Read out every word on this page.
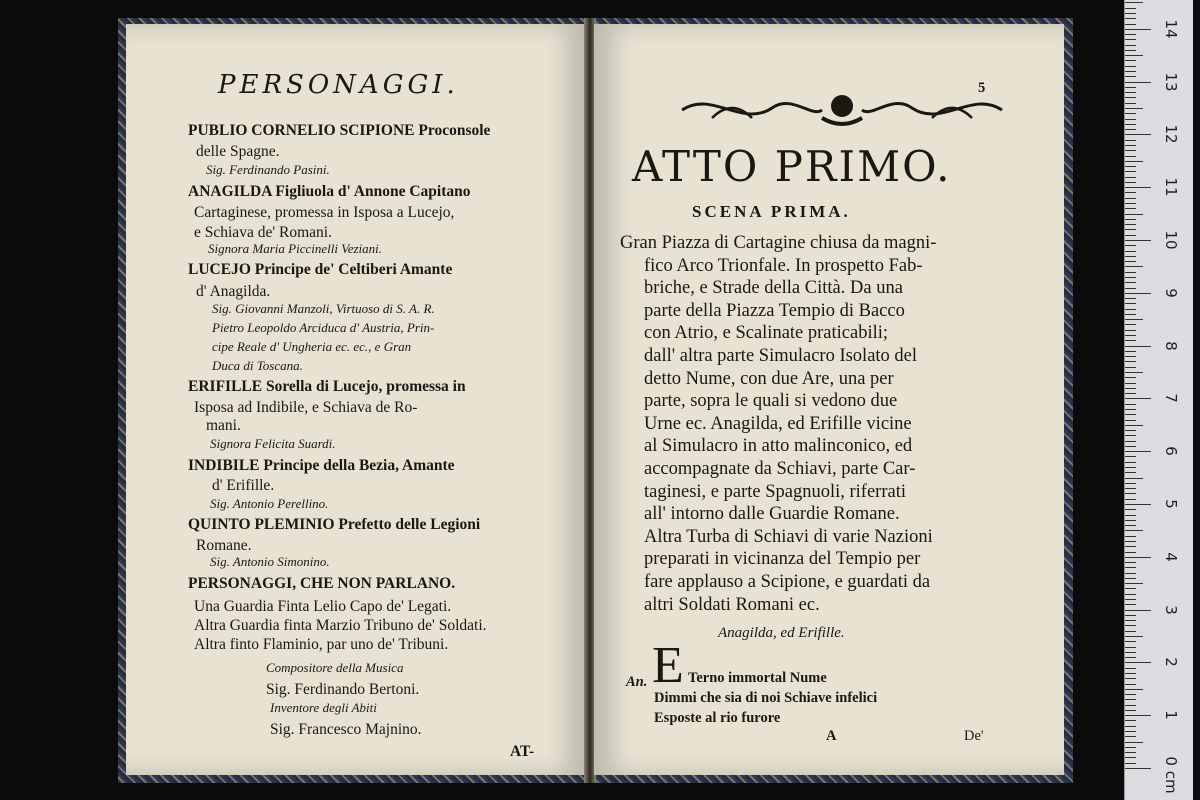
PERSONAGGI.
PUBLIO CORNELIO SCIPIONE Proconsole
delle Spagne.
Sig. Ferdinando Pasini.
ANAGILDA Figliuola d' Annone Capitano
Cartaginese, promessa in Isposa a Lucejo,
e Schiava de' Romani.
Signora Maria Piccinelli Veziani.
LUCEJO Principe de' Celtiberi Amante
d' Anagilda.
Sig. Giovanni Manzoli, Virtuoso di S. A. R.
Pietro Leopoldo Arciduca d' Austria, Prin-
cipe Reale d' Ungheria ec. ec., e Gran
Duca di Toscana.
ERIFILLE Sorella di Lucejo, promessa in
Isposa ad Indibile, e Schiava de Ro-
mani.
Signora Felicita Suardi.
INDIBILE Principe della Bezia, Amante
d' Erifille.
Sig. Antonio Perellino.
QUINTO PLEMINIO Prefetto delle Legioni
Romane.
Sig. Antonio Simonino.
PERSONAGGI, CHE NON PARLANO.
Una Guardia Finta Lelio Capo de' Legati.
Altra Guardia finta Marzio Tribuno de' Soldati.
Altra finto Flaminio, par uno de' Tribuni.
Compositore della Musica
Sig. Ferdinando Bertoni.
Inventore degli Abiti
Sig. Francesco Majnino.
AT-
5
ATTO PRIMO.
SCENA PRIMA.
Gran Piazza di Cartagine chiusa da magni-
fico Arco Trionfale. In prospetto Fab-
briche, e Strade della Città. Da una
parte della Piazza Tempio di Bacco
con Atrio, e Scalinate praticabili;
dall' altra parte Simulacro Isolato del
detto Nume, con due Are, una per
parte, sopra le quali si vedono due
Urne ec. Anagilda, ed Erifille vicine
al Simulacro in atto malinconico, ed
accompagnate da Schiavi, parte Car-
taginesi, e parte Spagnuoli, riferrati
all' intorno dalle Guardie Romane.
Altra Turba di Schiavi di varie Nazioni
preparati in vicinanza del Tempio per
fare applauso a Scipione, e guardati da
altri Soldati Romani ec.
Anagilda, ed Erifille.
An. E Terno immortal Nume
Dimmi che sia di noi Schiave infelici
Esposte al rio furore
A	De'
0 cm
1
2
3
4
5
6
7
8
9
10
11
12
13
14
